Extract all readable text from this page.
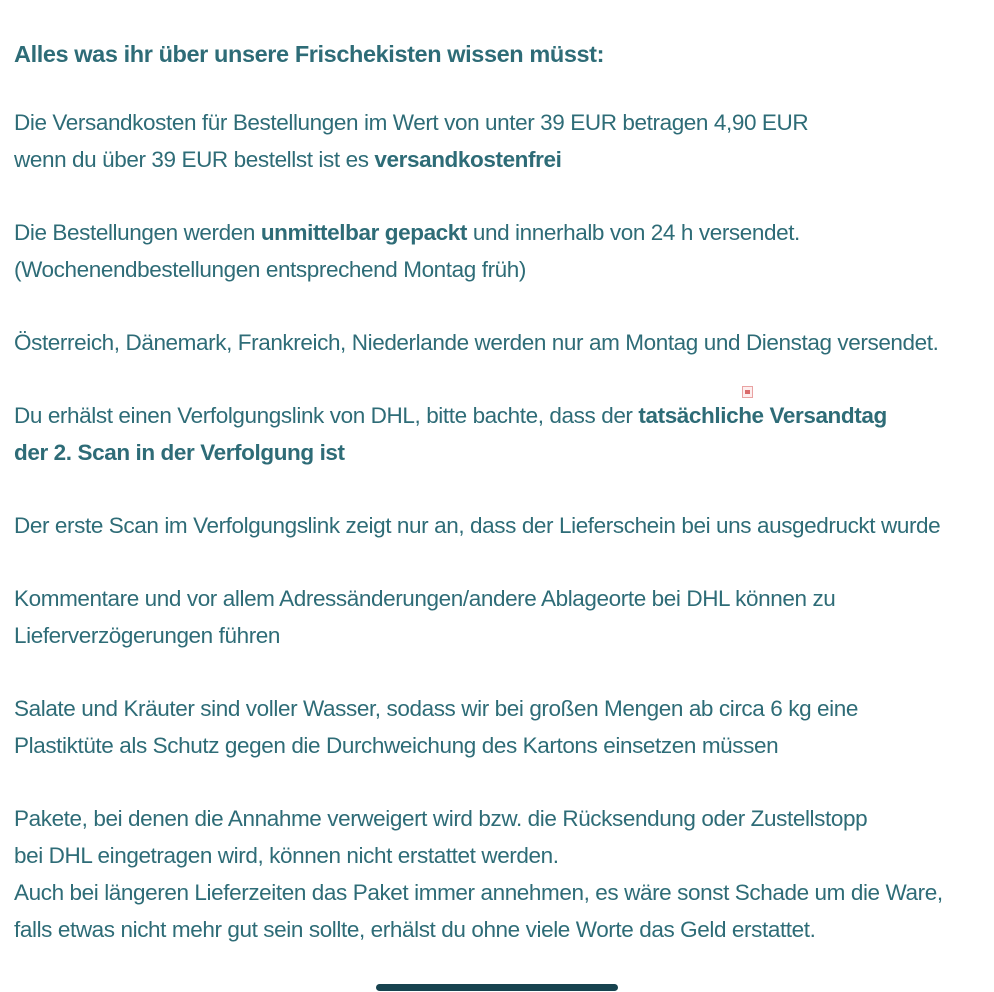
Alles was ihr über unsere Frischekisten wissen müsst:

Die Versandkosten für Bestellungen im Wert von unter 39 EUR betragen 4,90 EUR
wenn du über 39 EUR bestellst ist es versandkostenfrei

Die Bestellungen werden unmittelbar gepackt und innerhalb von 24 h versendet.
(Wochenendbestellungen entsprechend Montag früh)

Österreich, Dänemark, Frankreich, Niederlande werden nur am Montag und Dienstag versendet.

Du erhälst einen Verfolgungslink von DHL, bitte bachte, dass der tatsächliche Versandtag
der 2. Scan in der Verfolgung ist

Der erste Scan im Verfolgungslink zeigt nur an, dass der Lieferschein bei uns ausgedruckt wurde

Kommentare und vor allem Adressänderungen/andere Ablageorte bei DHL können zu
Lieferverzögerungen führen

Salate und Kräuter sind voller Wasser, sodass wir bei großen Mengen ab circa 6 kg eine
Plastiktüte als Schutz gegen die Durchweichung des Kartons einsetzen müssen

Pakete, bei denen die Annahme verweigert wird bzw. die Rücksendung oder Zustellstopp
bei DHL eingetragen wird, können nicht erstattet werden.
Auch bei längeren Lieferzeiten das Paket immer annehmen, es wäre sonst Schade um die Ware,
falls etwas nicht mehr gut sein sollte, erhälst du ohne viele Worte das Geld erstattet.
